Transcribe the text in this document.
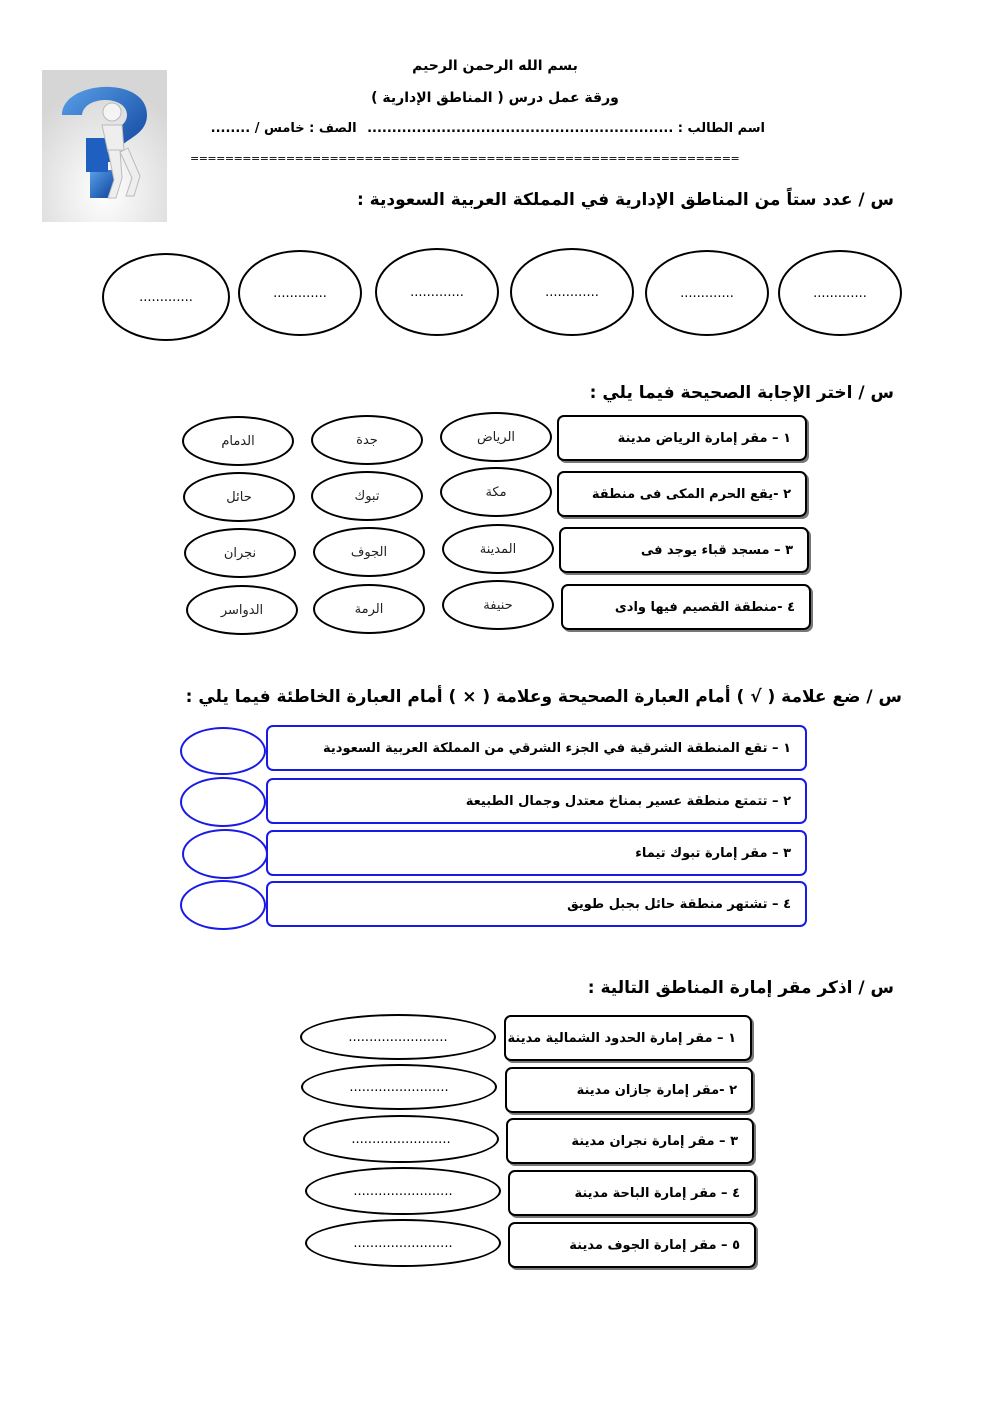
بسم الله الرحمن الرحيم
ورقة عمل درس ( المناطق الإدارية )
اسم الطالب : .............................................................. الصف : خامس / ........
===============================================================
س / عدد ستاً من المناطق الإدارية في المملكة العربية السعودية :
.............
.............
.............
.............
.............
.............
س / اختر الإجابة الصحيحة فيما يلي :
١ – مقر إمارة الرياض مدينة
٢ -يقع الحرم المكى فى منطقة
٣ – مسجد قباء يوجد فى
٤ -منطقة القصيم فيها وادى
الرياض
جدة
الدمام
مكة
تبوك
حائل
المدينة
الجوف
نجران
حنيفة
الرمة
الدواسر
س / ضع علامة ( √ ) أمام العبارة الصحيحة وعلامة ( × ) أمام العبارة الخاطئة فيما يلي :
١ – تقع المنطقة الشرقية في الجزء الشرقي من المملكة العربية السعودية
٢ – تتمتع منطقة عسير بمناخ معتدل وجمال الطبيعة
٣ – مقر إمارة تبوك تيماء
٤ – تشتهر منطقة حائل بجبل طويق
س / اذكر مقر إمارة المناطق التالية :
١ – مقر إمارة الحدود الشمالية مدينة
٢ -مقر إمارة جازان مدينة
٣ – مقر إمارة نجران مدينة
٤ – مقر إمارة الباحة مدينة
٥ – مقر إمارة الجوف مدينة
........................
........................
........................
........................
........................
